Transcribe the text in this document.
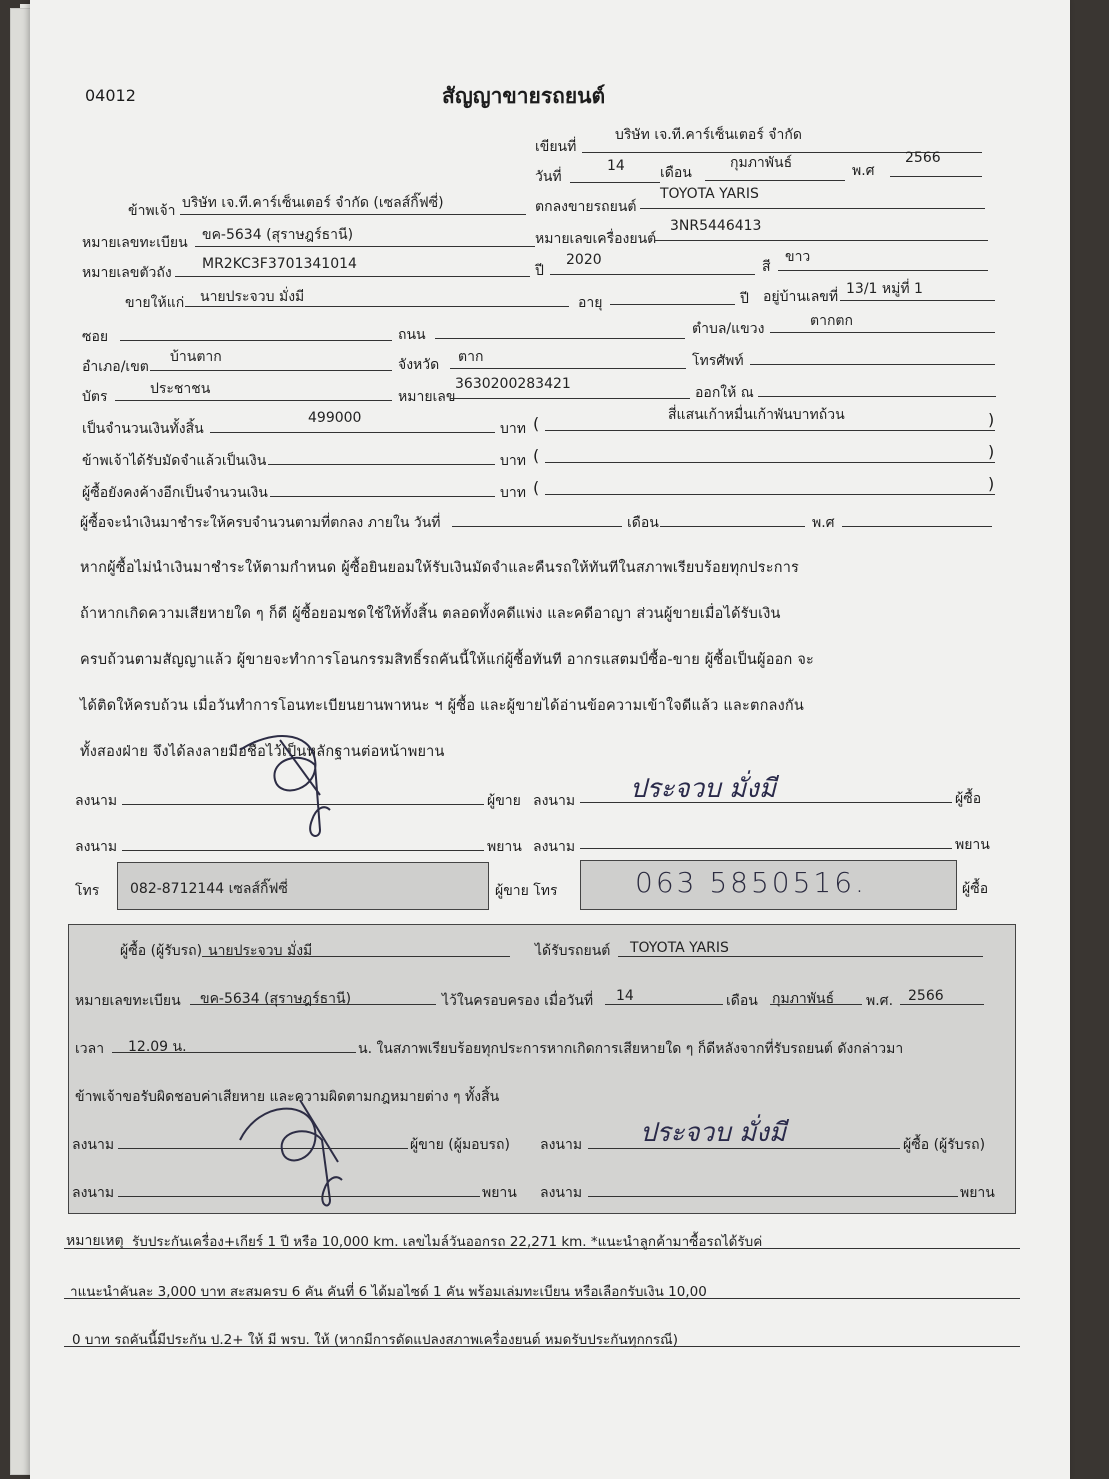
04012	สัญญาขายรถยนต์
เขียนที่
บริษัท เจ.ที.คาร์เซ็นเตอร์ จำกัด
วันที่
14	เดือน
กุมภาพันธ์	พ.ศ
2566
ข้าพเจ้า บริษัท เจ.ที.คาร์เซ็นเตอร์ จำกัด (เซลส์กิ๊ฟซี่)	ตกลงขายรถยนต์
TOYOTA YARIS
หมายเลขทะเบียน ขค-5634 (สุราษฎร์ธานี)	หมายเลขเครื่องยนต์
3NR5446413
หมายเลขตัวถัง
MR2KC3F3701341014	ปี
2020	สี
ขาว
ขายให้แก่ นายประจวบ มั่งมี	อายุ	ปี อยู่บ้านเลขที่ 13/1 หมู่ที่ 1
ซอย	ถนน	ตำบล/แขวง	ตากตก
อำเภอ/เขต
บ้านตาก	จังหวัด ตาก	โทรศัพท์
บัตร	ประชาชน	หมายเลข
3630200283421
ออกให้ ณ
เป็นจำนวนเงินทั้งสิ้น
499000
บาท (	สี่แสนเก้าหมื่นเก้าพันบาทถ้วน	)
ข้าพเจ้าได้รับมัดจำแล้วเป็นเงิน	บาท (	)
ผู้ซื้อยังคงค้างอีกเป็นจำนวนเงิน	บาท (	)
ผู้ซื้อจะนำเงินมาชำระให้ครบจำนวนตามที่ตกลง ภายใน วันที่	เดือน	พ.ศ
หากผู้ซื้อไม่นำเงินมาชำระให้ตามกำหนด ผู้ซื้อยินยอมให้รับเงินมัดจำและคืนรถให้ทันทีในสภาพเรียบร้อยทุกประการ
ถ้าหากเกิดความเสียหายใด ๆ ก็ดี ผู้ซื้อยอมชดใช้ให้ทั้งสิ้น ตลอดทั้งคดีแพ่ง และคดีอาญา ส่วนผู้ขายเมื่อได้รับเงิน
ครบถ้วนตามสัญญาแล้ว ผู้ขายจะทำการโอนกรรมสิทธิ์รถคันนี้ให้แก่ผู้ซื้อทันที อากรแสตมป์ซื้อ-ขาย ผู้ซื้อเป็นผู้ออก จะ
ได้ติดให้ครบถ้วน เมื่อวันทำการโอนทะเบียนยานพาหนะ ฯ ผู้ซื้อ และผู้ขายได้อ่านข้อความเข้าใจดีแล้ว และตกลงกัน
ทั้งสองฝ่าย จึงได้ลงลายมือชื่อไว้เป็นหลักฐานต่อหน้าพยาน
ลงนาม	ผู้ขาย ลงนาม ประจวบ มั่งมี	ผู้ซื้อ
ลงนาม	พยาน ลงนาม	พยาน
โทร 082-8712144 เซลส์กิ๊ฟซี่	ผู้ขาย โทร	063 5850516.	ผู้ซื้อ
ผู้ซื้อ (ผู้รับรถ) นายประจวบ มั่งมี	ได้รับรถยนต์ TOYOTA YARIS
หมายเลขทะเบียน ขค-5634 (สุราษฎร์ธานี)	ไว้ในครอบครอง เมื่อวันที่ 14	เดือน กุมภาพันธ์ พ.ศ. 2566
เวลา 12.09 น.	น. ในสภาพเรียบร้อยทุกประการหากเกิดการเสียหายใด ๆ ก็ดีหลังจากที่รับรถยนต์ ดังกล่าวมา
ข้าพเจ้าขอรับผิดชอบค่าเสียหาย และความผิดตามกฎหมายต่าง ๆ ทั้งสิ้น
ลงนาม	ผู้ขาย (ผู้มอบรถ) ลงนาม ประจวบ มั่งมี	ผู้ซื้อ (ผู้รับรถ)
ลงนาม	พยาน ลงนาม	พยาน
หมายเหตุ รับประกันเครื่อง+เกียร์ 1 ปี หรือ 10,000 km. เลขไมล์วันออกรถ 22,271 km. *แนะนำลูกค้ามาซื้อรถได้รับค่
าแนะนำคันละ 3,000 บาท สะสมครบ 6 คัน คันที่ 6 ได้มอไซด์ 1 คัน พร้อมเล่มทะเบียน หรือเลือกรับเงิน 10,00
0 บาท รถคันนี้มีประกัน ป.2+ ให้ มี พรบ. ให้ (หากมีการดัดแปลงสภาพเครื่องยนต์ หมดรับประกันทุกกรณี)
